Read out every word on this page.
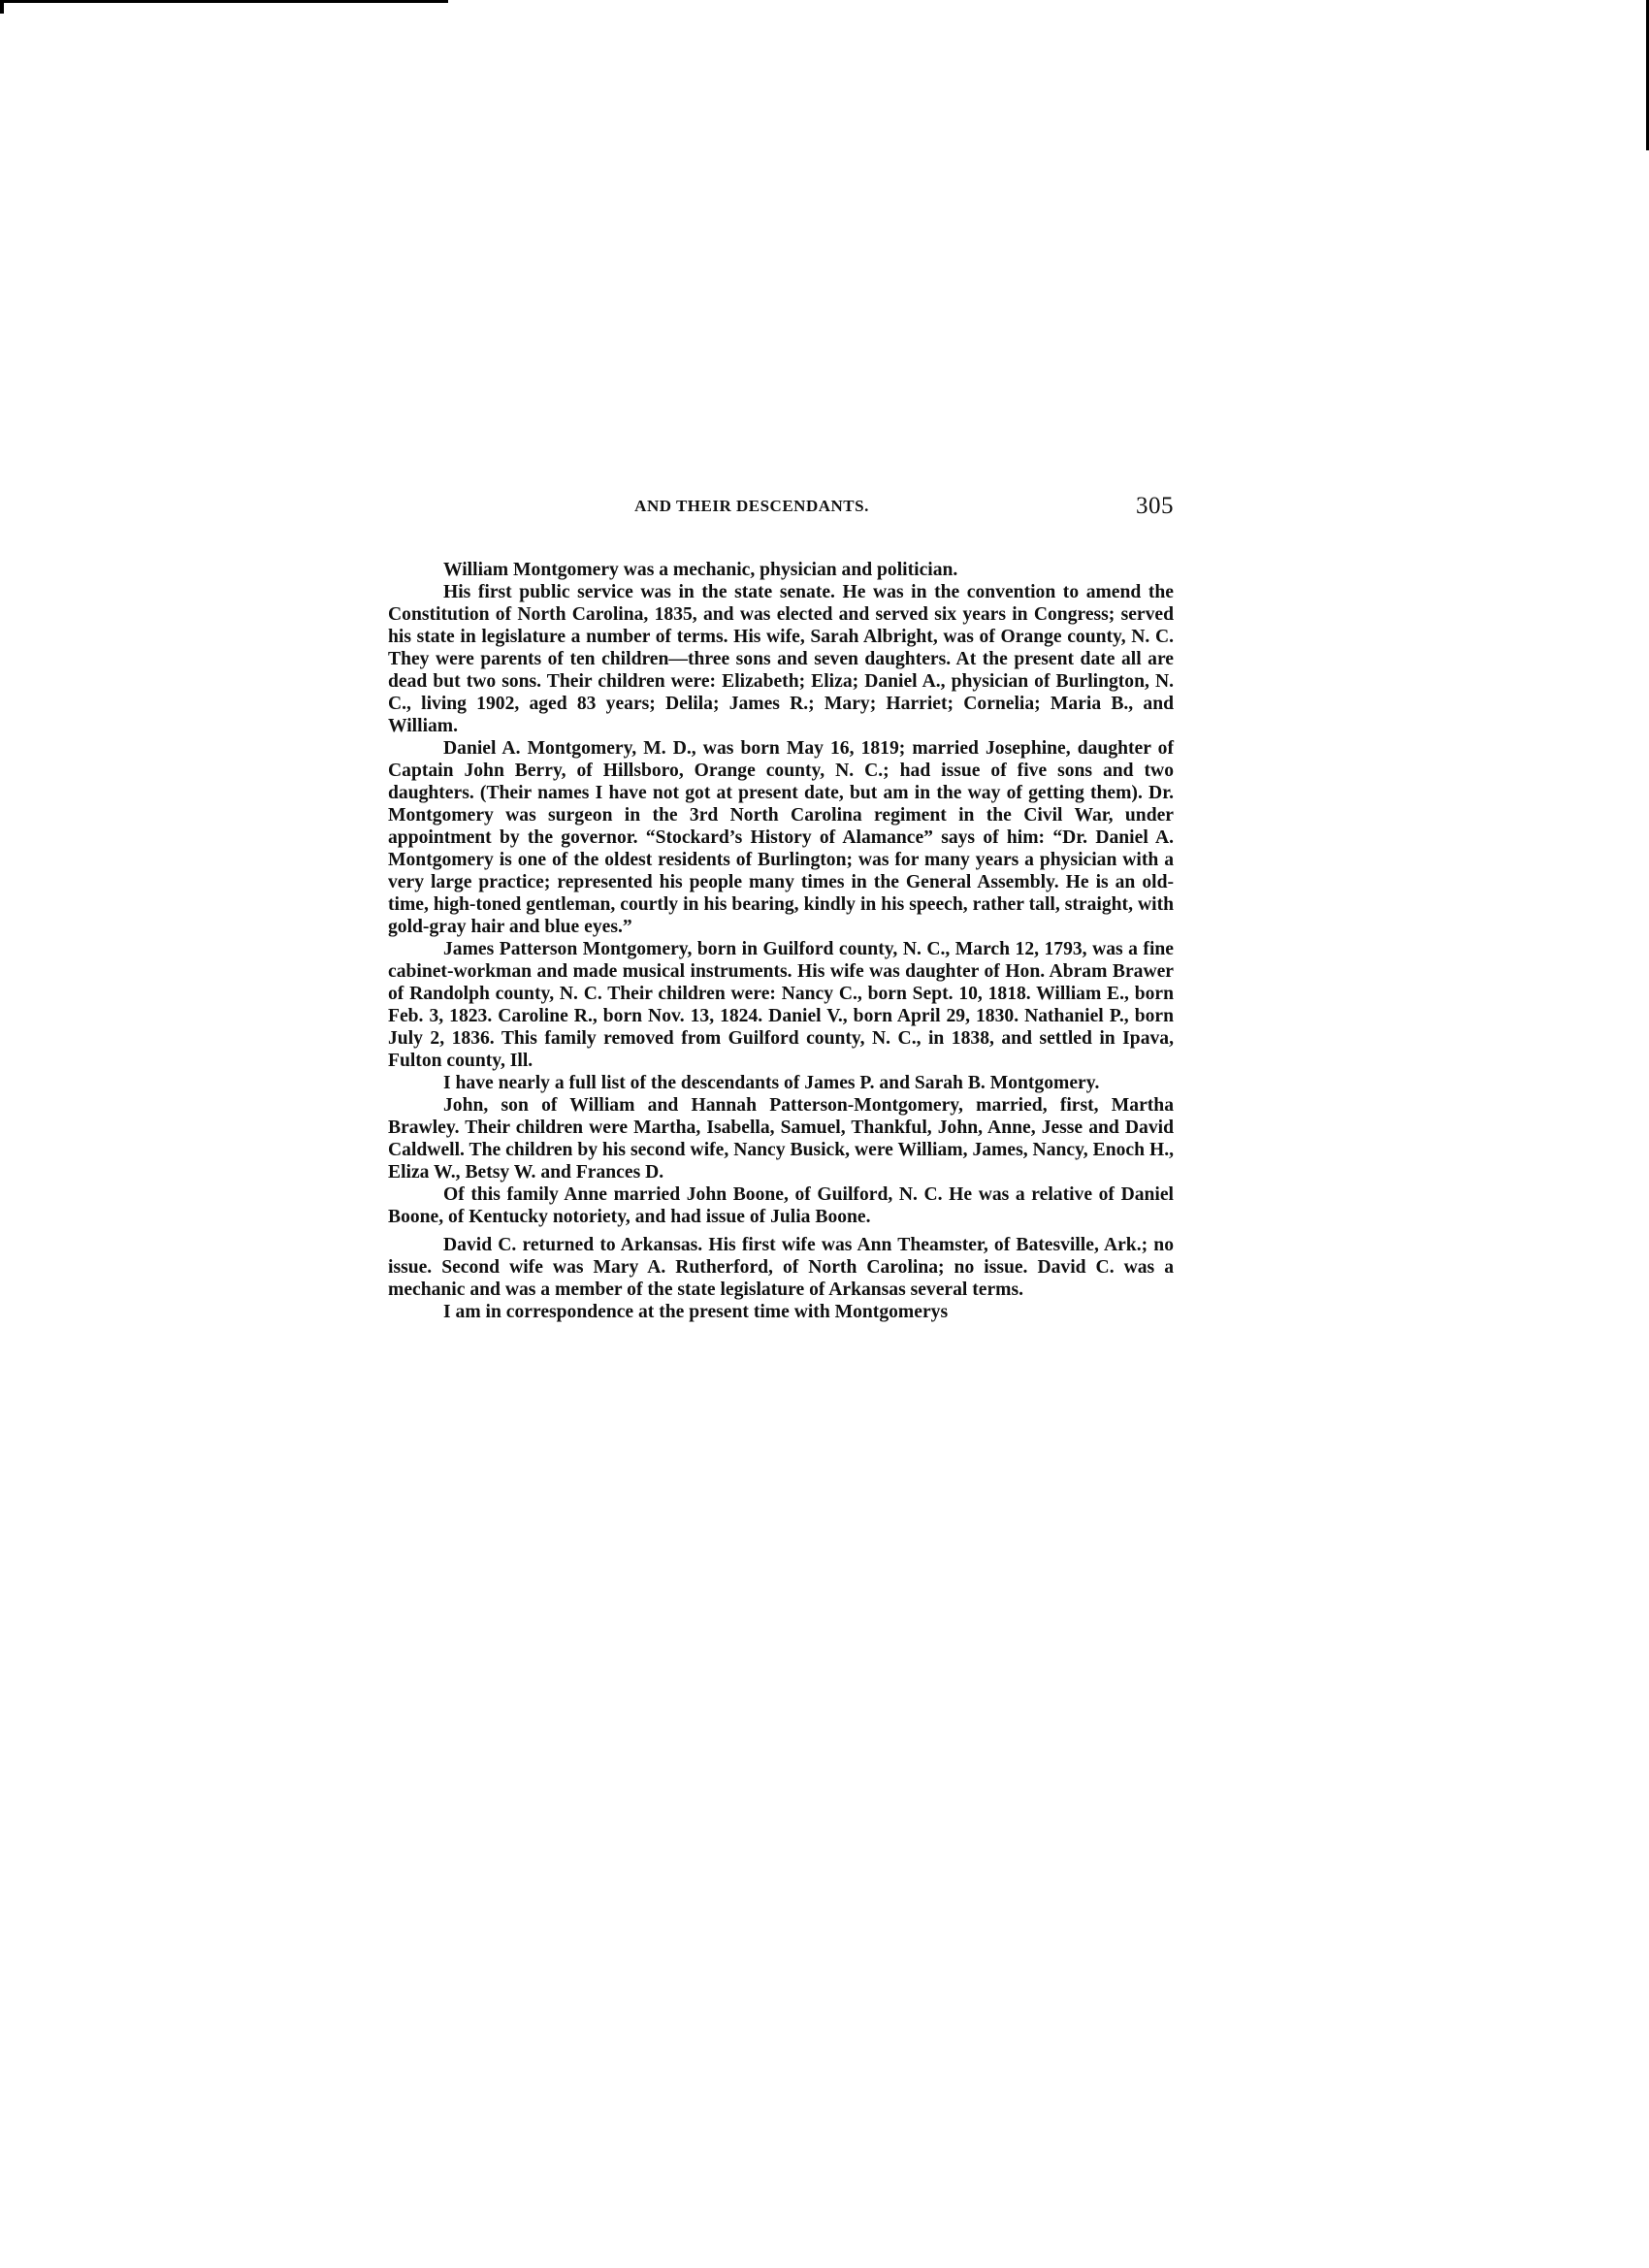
AND THEIR DESCENDANTS.	305

William Montgomery was a mechanic, physician and politician.

His first public service was in the state senate. He was in the convention to amend the Constitution of North Carolina, 1835, and was elected and served six years in Congress; served his state in legislature a number of terms. His wife, Sarah Albright, was of Orange county, N. C. They were parents of ten children—three sons and seven daughters. At the present date all are dead but two sons. Their children were: Elizabeth; Eliza; Daniel A., physician of Burlington, N. C., living 1902, aged 83 years; Delila; James R.; Mary; Harriet; Cornelia; Maria B., and William.

Daniel A. Montgomery, M. D., was born May 16, 1819; married Josephine, daughter of Captain John Berry, of Hillsboro, Orange county, N. C.; had issue of five sons and two daughters. (Their names I have not got at present date, but am in the way of getting them). Dr. Montgomery was surgeon in the 3rd North Carolina regiment in the Civil War, under appointment by the governor. “Stockard’s History of Alamance” says of him: “Dr. Daniel A. Montgomery is one of the oldest residents of Burlington; was for many years a physician with a very large practice; represented his people many times in the General Assembly. He is an old-time, high-toned gentleman, courtly in his bearing, kindly in his speech, rather tall, straight, with gold-gray hair and blue eyes.”

James Patterson Montgomery, born in Guilford county, N. C., March 12, 1793, was a fine cabinet-workman and made musical instruments. His wife was daughter of Hon. Abram Brawer of Randolph county, N. C. Their children were: Nancy C., born Sept. 10, 1818. William E., born Feb. 3, 1823. Caroline R., born Nov. 13, 1824. Daniel V., born April 29, 1830. Nathaniel P., born July 2, 1836. This family removed from Guilford county, N. C., in 1838, and settled in Ipava, Fulton county, Ill.

I have nearly a full list of the descendants of James P. and Sarah B. Montgomery.

John, son of William and Hannah Patterson-Montgomery, married, first, Martha Brawley. Their children were Martha, Isabella, Samuel, Thankful, John, Anne, Jesse and David Caldwell. The children by his second wife, Nancy Busick, were William, James, Nancy, Enoch H., Eliza W., Betsy W. and Frances D.

Of this family Anne married John Boone, of Guilford, N. C. He was a relative of Daniel Boone, of Kentucky notoriety, and had issue of Julia Boone.

David C. returned to Arkansas. His first wife was Ann Theamster, of Batesville, Ark.; no issue. Second wife was Mary A. Rutherford, of North Carolina; no issue. David C. was a mechanic and was a member of the state legislature of Arkansas several terms.

I am in correspondence at the present time with Montgomerys
